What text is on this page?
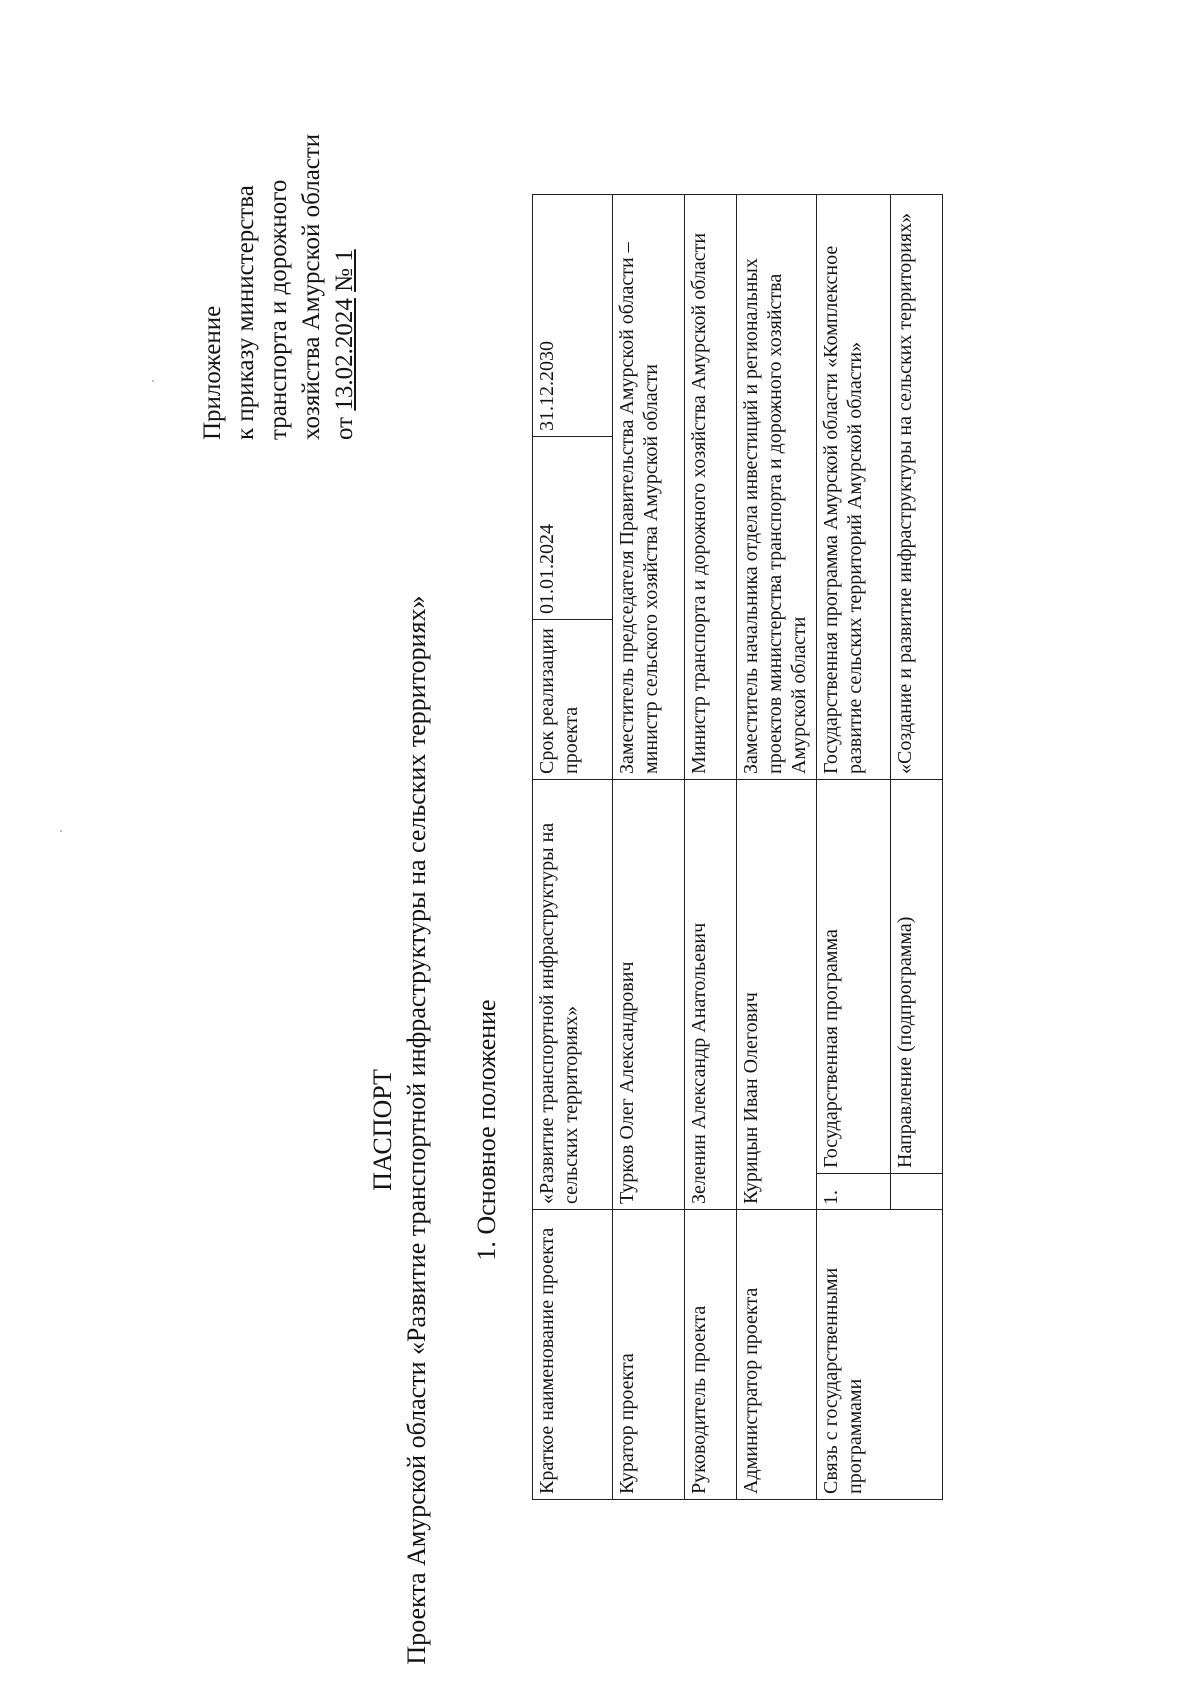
Приложение к приказу министерства транспорта и дорожного хозяйства Амурской области от 13.02.2024 № 1
ПАСПОРТ Проекта Амурской области «Развитие транспортной инфраструктуры на сельских территориях» 1. Основное положение
Краткое наименование проекта	«Развитие транспортной инфраструктуры на сельских территориях»		Срок реализации проекта	01.01.2024	31.12.2030
Куратор проекта	Турков Олег Александрович		Заместитель председателя Правительства Амурской области – министр сельского хозяйства Амурской области		
Руководитель проекта	Зеленин Александр Анатольевич		Министр транспорта и дорожного хозяйства Амурской области		
Администратор проекта	Курицын Иван Олегович		Заместитель начальника отдела инвестиций и региональных проектов министерства транспорта и дорожного хозяйства Амурской области		
Связь с государственными программами	1.	Государственная программа	Государственная программа Амурской области «Комплексное развитие сельских территорий Амурской области»		
		Направление (подпрограмма)	«Создание и развитие инфраструктуры на сельских территориях»		
